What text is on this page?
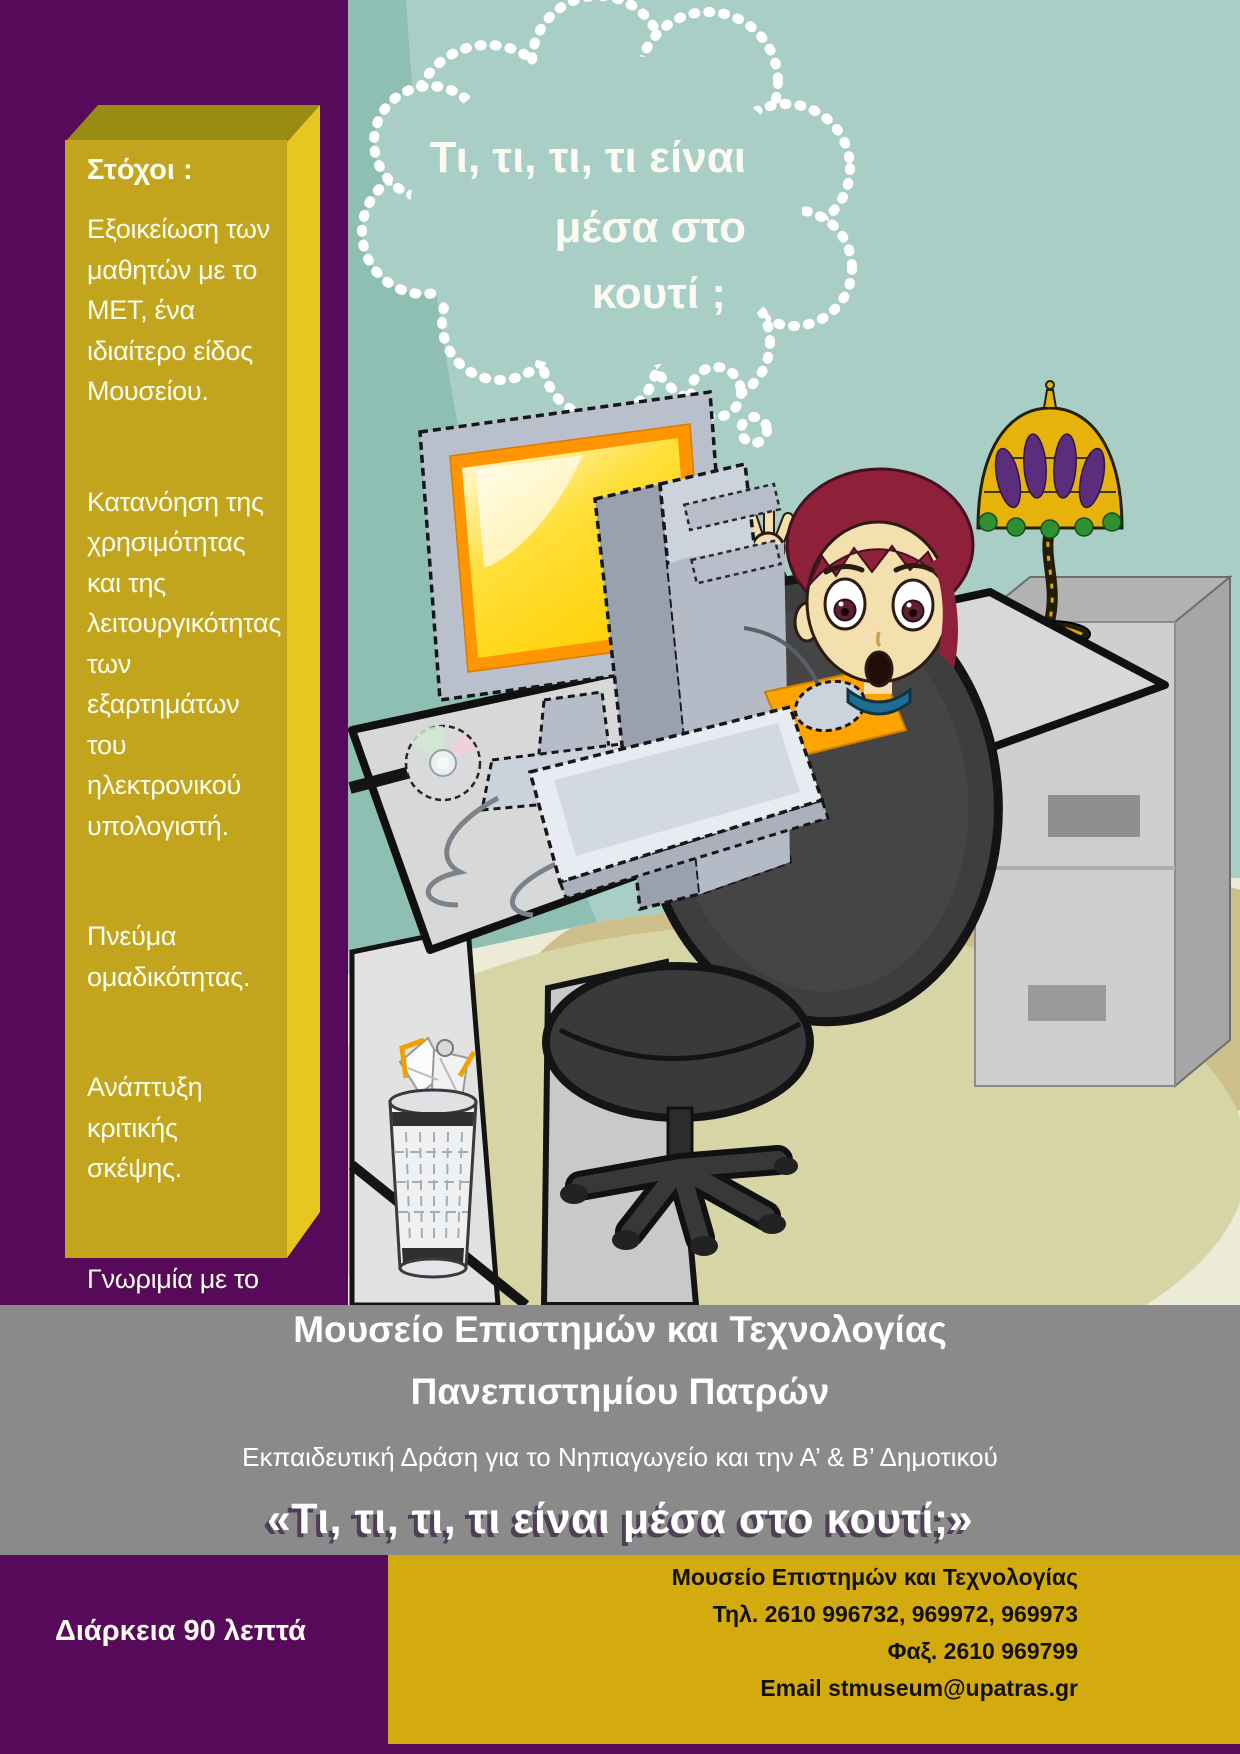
Στόχοι :

Εξοικείωση των μαθητών με το ΜΕΤ, ένα ιδιαίτερο είδος Μουσείου.

Κατανόηση της χρησιμότητας και της λειτουργικότητας των εξαρτημάτων του ηλεκτρονικού υπολογιστή.

Πνεύμα ομαδικότητας.

Ανάπτυξη κριτικής σκέψης.

Γνωριμία με το

Τι, τι, τι, τι είναι
μέσα στο
κουτί ;
Μουσείο Επιστημών και Τεχνολογίας
Πανεπιστημίου Πατρών
Εκπαιδευτική Δράση για το Νηπιαγωγείο και την Α’ & Β’ Δημοτικού
«Τι, τι, τι, τι είναι μέσα στο κουτί;»
Διάρκεια 90 λεπτά
Μουσείο Επιστημών και Τεχνολογίας
Τηλ. 2610 996732, 969972, 969973
Φαξ. 2610 969799
Email stmuseum@upatras.gr
